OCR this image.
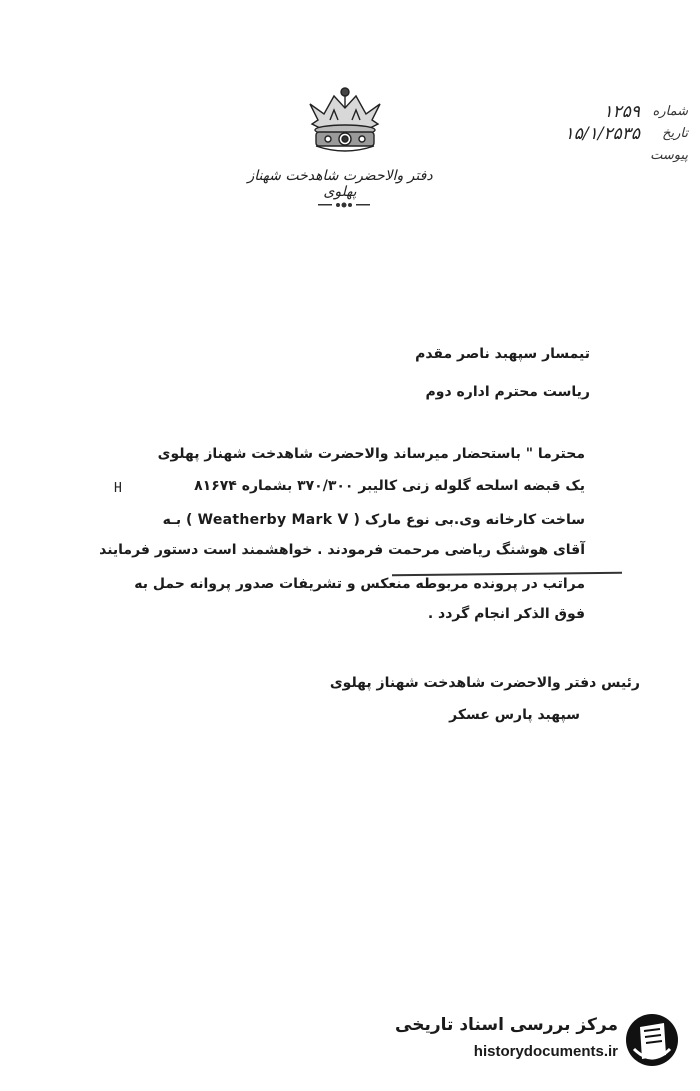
دفتر والاحضرت شاهدخت شهناز پهلوی
شماره
۱۲۵۹
تاریخ
۱۵/۱/۲۵۳۵
پیوست
تیمسار سپهبد ناصر مقدم
ریاست محترم اداره دوم
محترما " باستحضار میرساند والاحضرت شاهدخت شهناز پهلوی
یک قبضه اسلحه گلوله زنی کالیبر ۳۷۰/۳۰۰ بشماره ۸۱۶۷۴
H
ساخت کارخانه وی.بی نوع مارک ( Weatherby Mark V ) بـه
آقای هوشنگ ریاضی مرحمت فرمودند . خواهشمند است دستور فرمایند
مراتب در پرونده مربوطه منعکس و تشریفات صدور پروانه حمل به
فوق الذکر انجام گردد .
رئیس دفتر والاحضرت شاهدخت شهناز پهلوی
سپهبد پارس عسکر
مرکز بررسی اسناد تاریخی
historydocuments.ir
